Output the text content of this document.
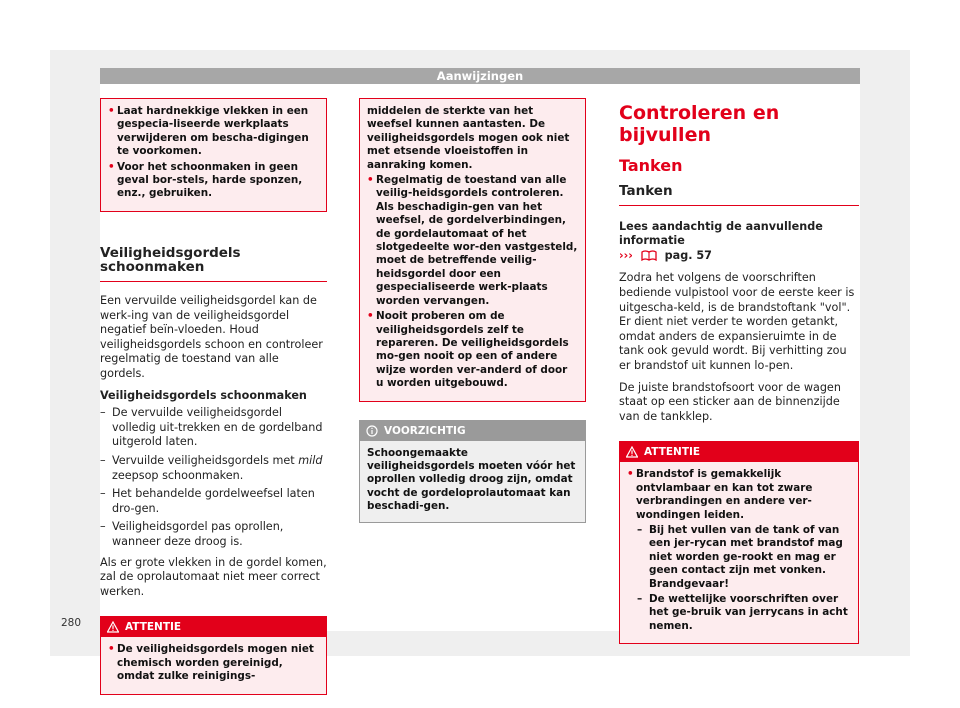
Aanwijzingen
• Laat hardnekkige vlekken in een gespecia-liseerde werkplaats verwijderen om bescha-digingen te voorkomen.
• Voor het schoonmaken in geen geval bor-stels, harde sponzen, enz., gebruiken.
Veiligheidsgordels schoonmaken

Een vervuilde veiligheidsgordel kan de werk-ing van de veiligheidsgordel negatief beïn-vloeden. Houd veiligheidsgordels schoon en controleer regelmatig de toestand van alle gordels.

Veiligheidsgordels schoonmaken

– De vervuilde veiligheidsgordel volledig uit-trekken en de gordelband uitgerold laten.
– Vervuilde veiligheidsgordels met mild zeepsop schoonmaken.
– Het behandelde gordelweefsel laten dro-gen.
– Veiligheidsgordel pas oprollen, wanneer deze droog is.

Als er grote vlekken in de gordel komen, zal de oprolautomaat niet meer correct werken.

ATTENTIE
• De veiligheidsgordels mogen niet chemisch worden gereinigd, omdat zulke reinigings-
middelen de sterkte van het weefsel kunnen aantasten. De veiligheidsgordels mogen ook niet met etsende vloeistoffen in aanraking komen.
• Regelmatig de toestand van alle veilig-heidsgordels controleren. Als beschadigin-gen van het weefsel, de gordelverbindingen, de gordelautomaat of het slotgedeelte wor-den vastgesteld, moet de betreffende veilig-heidsgordel door een gespecialiseerde werk-plaats worden vervangen.
• Nooit proberen om de veiligheidsgordels zelf te repareren. De veiligheidsgordels mo-gen nooit op een of andere wijze worden ver-anderd of door u worden uitgebouwd.
VOORZICHTIG
Schoongemaakte veiligheidsgordels moeten vóór het oprollen volledig droog zijn, omdat vocht de gordeloprolautomaat kan beschadi-gen.
Controleren en bijvullen
Tanken
Tanken

Lees aandachtig de aanvullende informatie
›››	pag. 57

Zodra het volgens de voorschriften bediende vulpistool voor de eerste keer is uitgescha-keld, is de brandstoftank "vol". Er dient niet verder te worden getankt, omdat anders de expansieruimte in de tank ook gevuld wordt. Bij verhitting zou er brandstof uit kunnen lo-pen.

De juiste brandstofsoort voor de wagen staat op een sticker aan de binnenzijde van de tankklep.

ATTENTIE
• Brandstof is gemakkelijk ontvlambaar en kan tot zware verbrandingen en andere ver-wondingen leiden.
– Bij het vullen van de tank of van een jer-rycan met brandstof mag niet worden ge-rookt en mag er geen contact zijn met vonken. Brandgevaar!
– De wettelijke voorschriften over het ge-bruik van jerrycans in acht nemen.
280
